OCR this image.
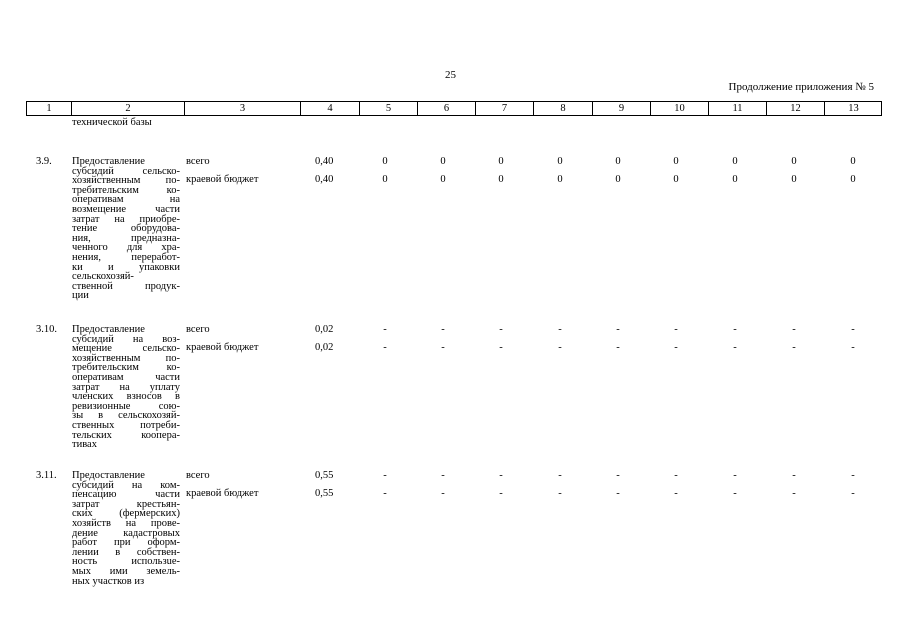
25
Продолжение приложения № 5
1	2	3	4	5	6	7	8	9	10	11	12	13
технической базы
3.9. Предоставление
субсидий сельско-
хозяйственным по-
требительским ко-
оперативам на
возмещение части
затрат на приобре-
тение оборудова-
ния, предназна-
ченного для хра-
нения, переработ-
ки и упаковки
сельскохозяй-
ственной продук-
ции
всего	0,40	0	0	0	0	0	0	0	0	0
краевой бюджет	0,40	0	0	0	0	0	0	0	0	0
3.10. Предоставление
субсидий на воз-
мещение сельско-
хозяйственным по-
требительским ко-
оперативам части
затрат на уплату
членских взносов в
ревизионные сою-
зы в сельскохозяй-
ственных потреби-
тельских коопера-
тивах
всего	0,02	-	-	-	-	-	-	-	-	-
краевой бюджет	0,02	-	-	-	-	-	-	-	-	-
3.11. Предоставление
субсидий на ком-
пенсацию части
затрат крестьян-
ских (фермерских)
хозяйств на прове-
дение кадастровых
работ при оформ-
лении в собствен-
ность использue-
мых ими земель-
ных участков из
всего	0,55	-	-	-	-	-	-	-	-	-
краевой бюджет	0,55	-	-	-	-	-	-	-	-	-
